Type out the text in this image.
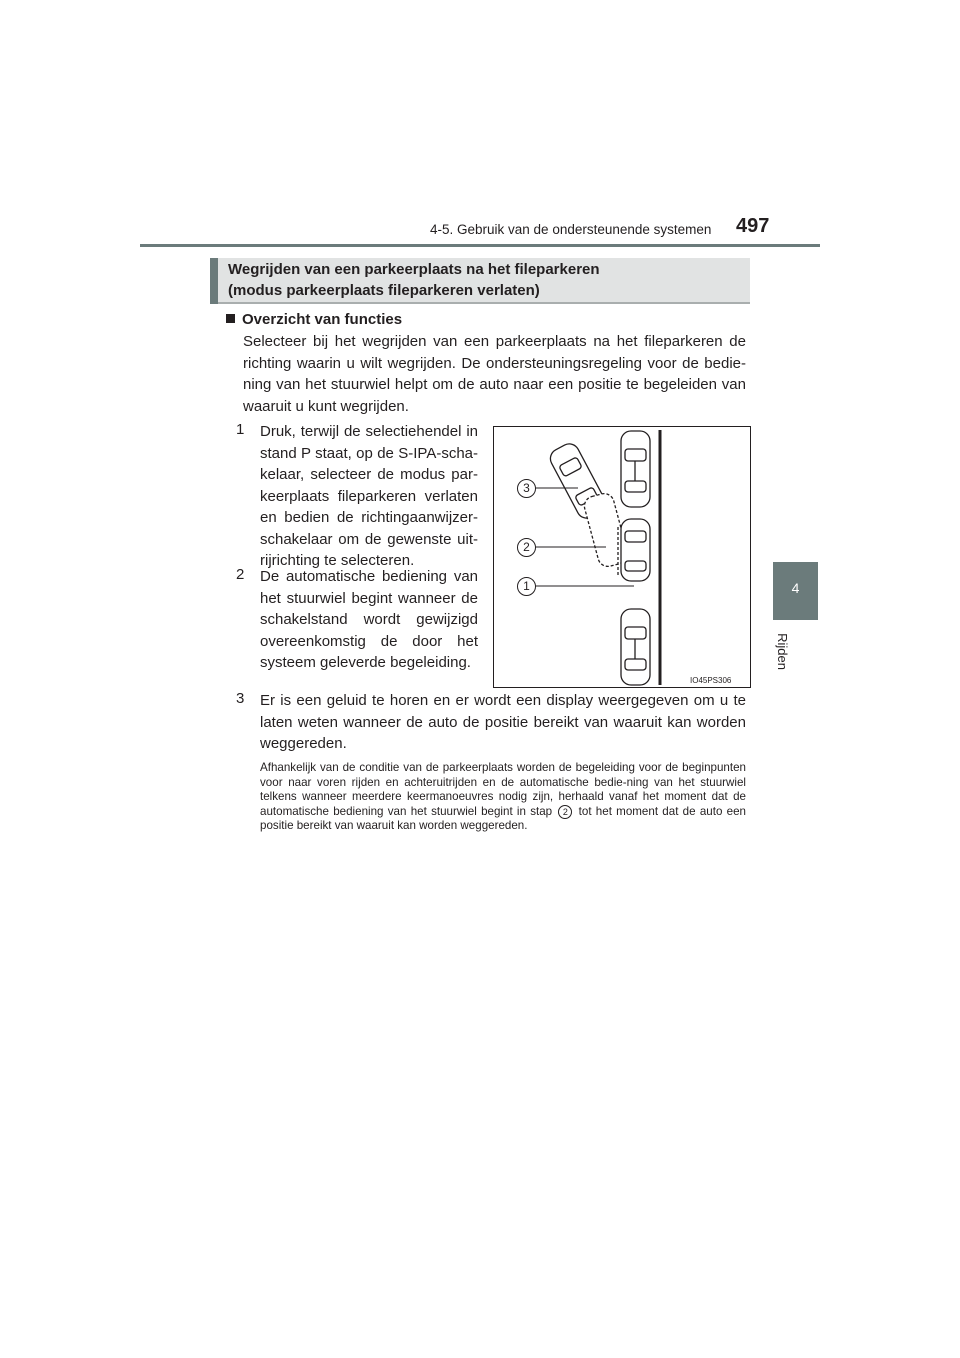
4-5. Gebruik van de ondersteunende systemen 497
4
Rijden
Wegrijden van een parkeerplaats na het fileparkeren
(modus parkeerplaats fileparkeren verlaten)
Overzicht van functies
Selecteer bij het wegrijden van een parkeerplaats na het fileparkeren de richting waarin u wilt wegrijden. De ondersteuningsregeling voor de bedie-ning van het stuurwiel helpt om de auto naar een positie te begeleiden van waaruit u kunt wegrijden.
1 Druk, terwijl de selectiehendel in stand P staat, op de S-IPA-scha-kelaar, selecteer de modus par-keerplaats fileparkeren verlaten en bedien de richtingaanwijzer-schakelaar om de gewenste uit-rijrichting te selecteren.
2 De automatische bediening van het stuurwiel begint wanneer de schakelstand wordt gewijzigd overeenkomstig de door het systeem geleverde begeleiding.
3 Er is een geluid te horen en er wordt een display weergegeven om u te laten weten wanneer de auto de positie bereikt van waaruit kan worden weggereden.
Afhankelijk van de conditie van de parkeerplaats worden de begeleiding voor de beginpunten voor naar voren rijden en achteruitrijden en de automatische bedie-ning van het stuurwiel telkens wanneer meerdere keermanoeuvres nodig zijn, herhaald vanaf het moment dat de automatische bediening van het stuurwiel begint in stap 2 tot het moment dat de auto een positie bereikt van waaruit kan worden weggereden.
3
2
1
IO45PS306
